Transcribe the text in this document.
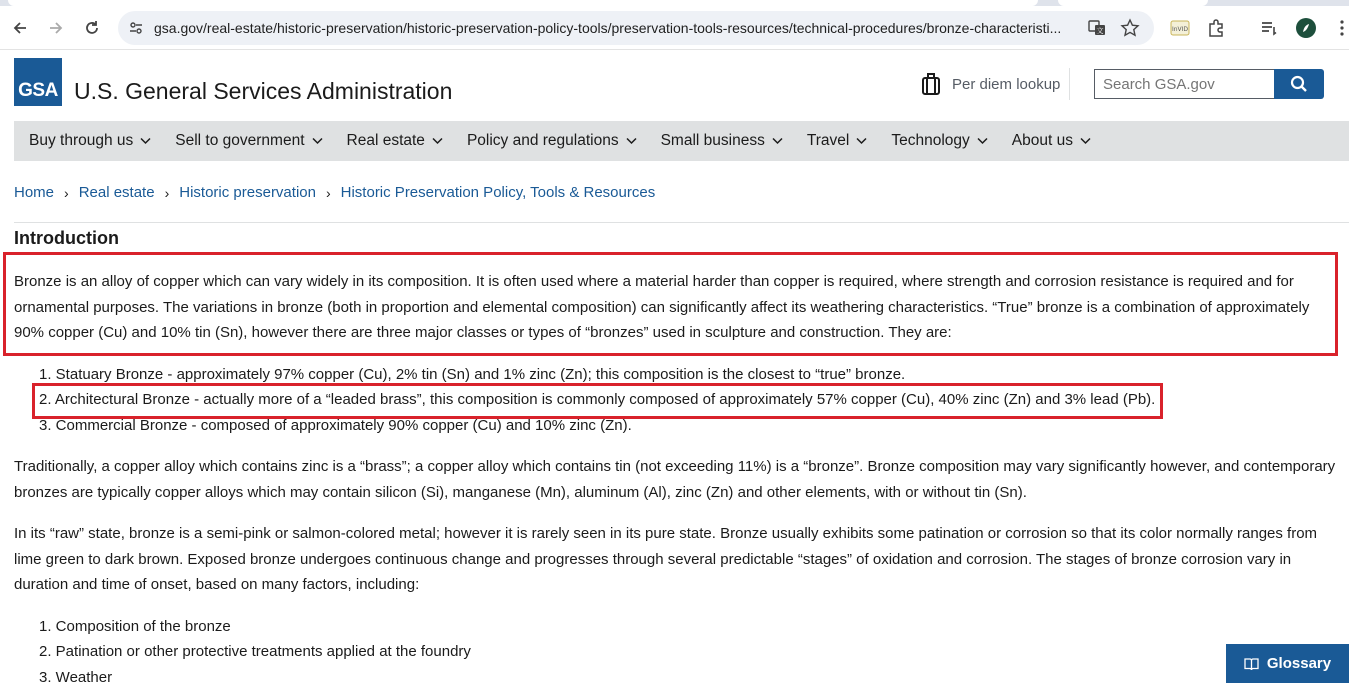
gsa.gov/real-estate/historic-preservation/historic-preservation-policy-tools/preservation-tools-resources/technical-procedures/bronze-characteristi...	文	InVID
GSA U.S. General Services Administration	Per diem lookup
Search GSA.gov
Buy through us	Sell to government	Real estate	Policy and regulations	Small business	Travel	Technology	About us
Home › Real estate › Historic preservation › Historic Preservation Policy, Tools & Resources
Introduction

Bronze is an alloy of copper which can vary widely in its composition. It is often used where a material harder than copper is required, where strength and corrosion resistance is required and for ornamental purposes. The variations in bronze (both in proportion and elemental composition) can significantly affect its weathering characteristics. “True” bronze is a combination of approximately 90% copper (Cu) and 10% tin (Sn), however there are three major classes or types of “bronzes” used in sculpture and construction. They are:

1. Statuary Bronze - approximately 97% copper (Cu), 2% tin (Sn) and 1% zinc (Zn); this composition is the closest to “true” bronze.
2. Architectural Bronze - actually more of a “leaded brass”, this composition is commonly composed of approximately 57% copper (Cu), 40% zinc (Zn) and 3% lead (Pb).
3. Commercial Bronze - composed of approximately 90% copper (Cu) and 10% zinc (Zn).

Traditionally, a copper alloy which contains zinc is a “brass”; a copper alloy which contains tin (not exceeding 11%) is a “bronze”. Bronze composition may vary significantly however, and contemporary bronzes are typically copper alloys which may contain silicon (Si), manganese (Mn), aluminum (Al), zinc (Zn) and other elements, with or without tin (Sn).

In its “raw” state, bronze is a semi-pink or salmon-colored metal; however it is rarely seen in its pure state. Bronze usually exhibits some patination or corrosion so that its color normally ranges from lime green to dark brown. Exposed bronze undergoes continuous change and progresses through several predictable “stages” of oxidation and corrosion. The stages of bronze corrosion vary in duration and time of onset, based on many factors, including:

1. Composition of the bronze
2. Patination or other protective treatments applied at the foundry
3. Weather
Glossary
